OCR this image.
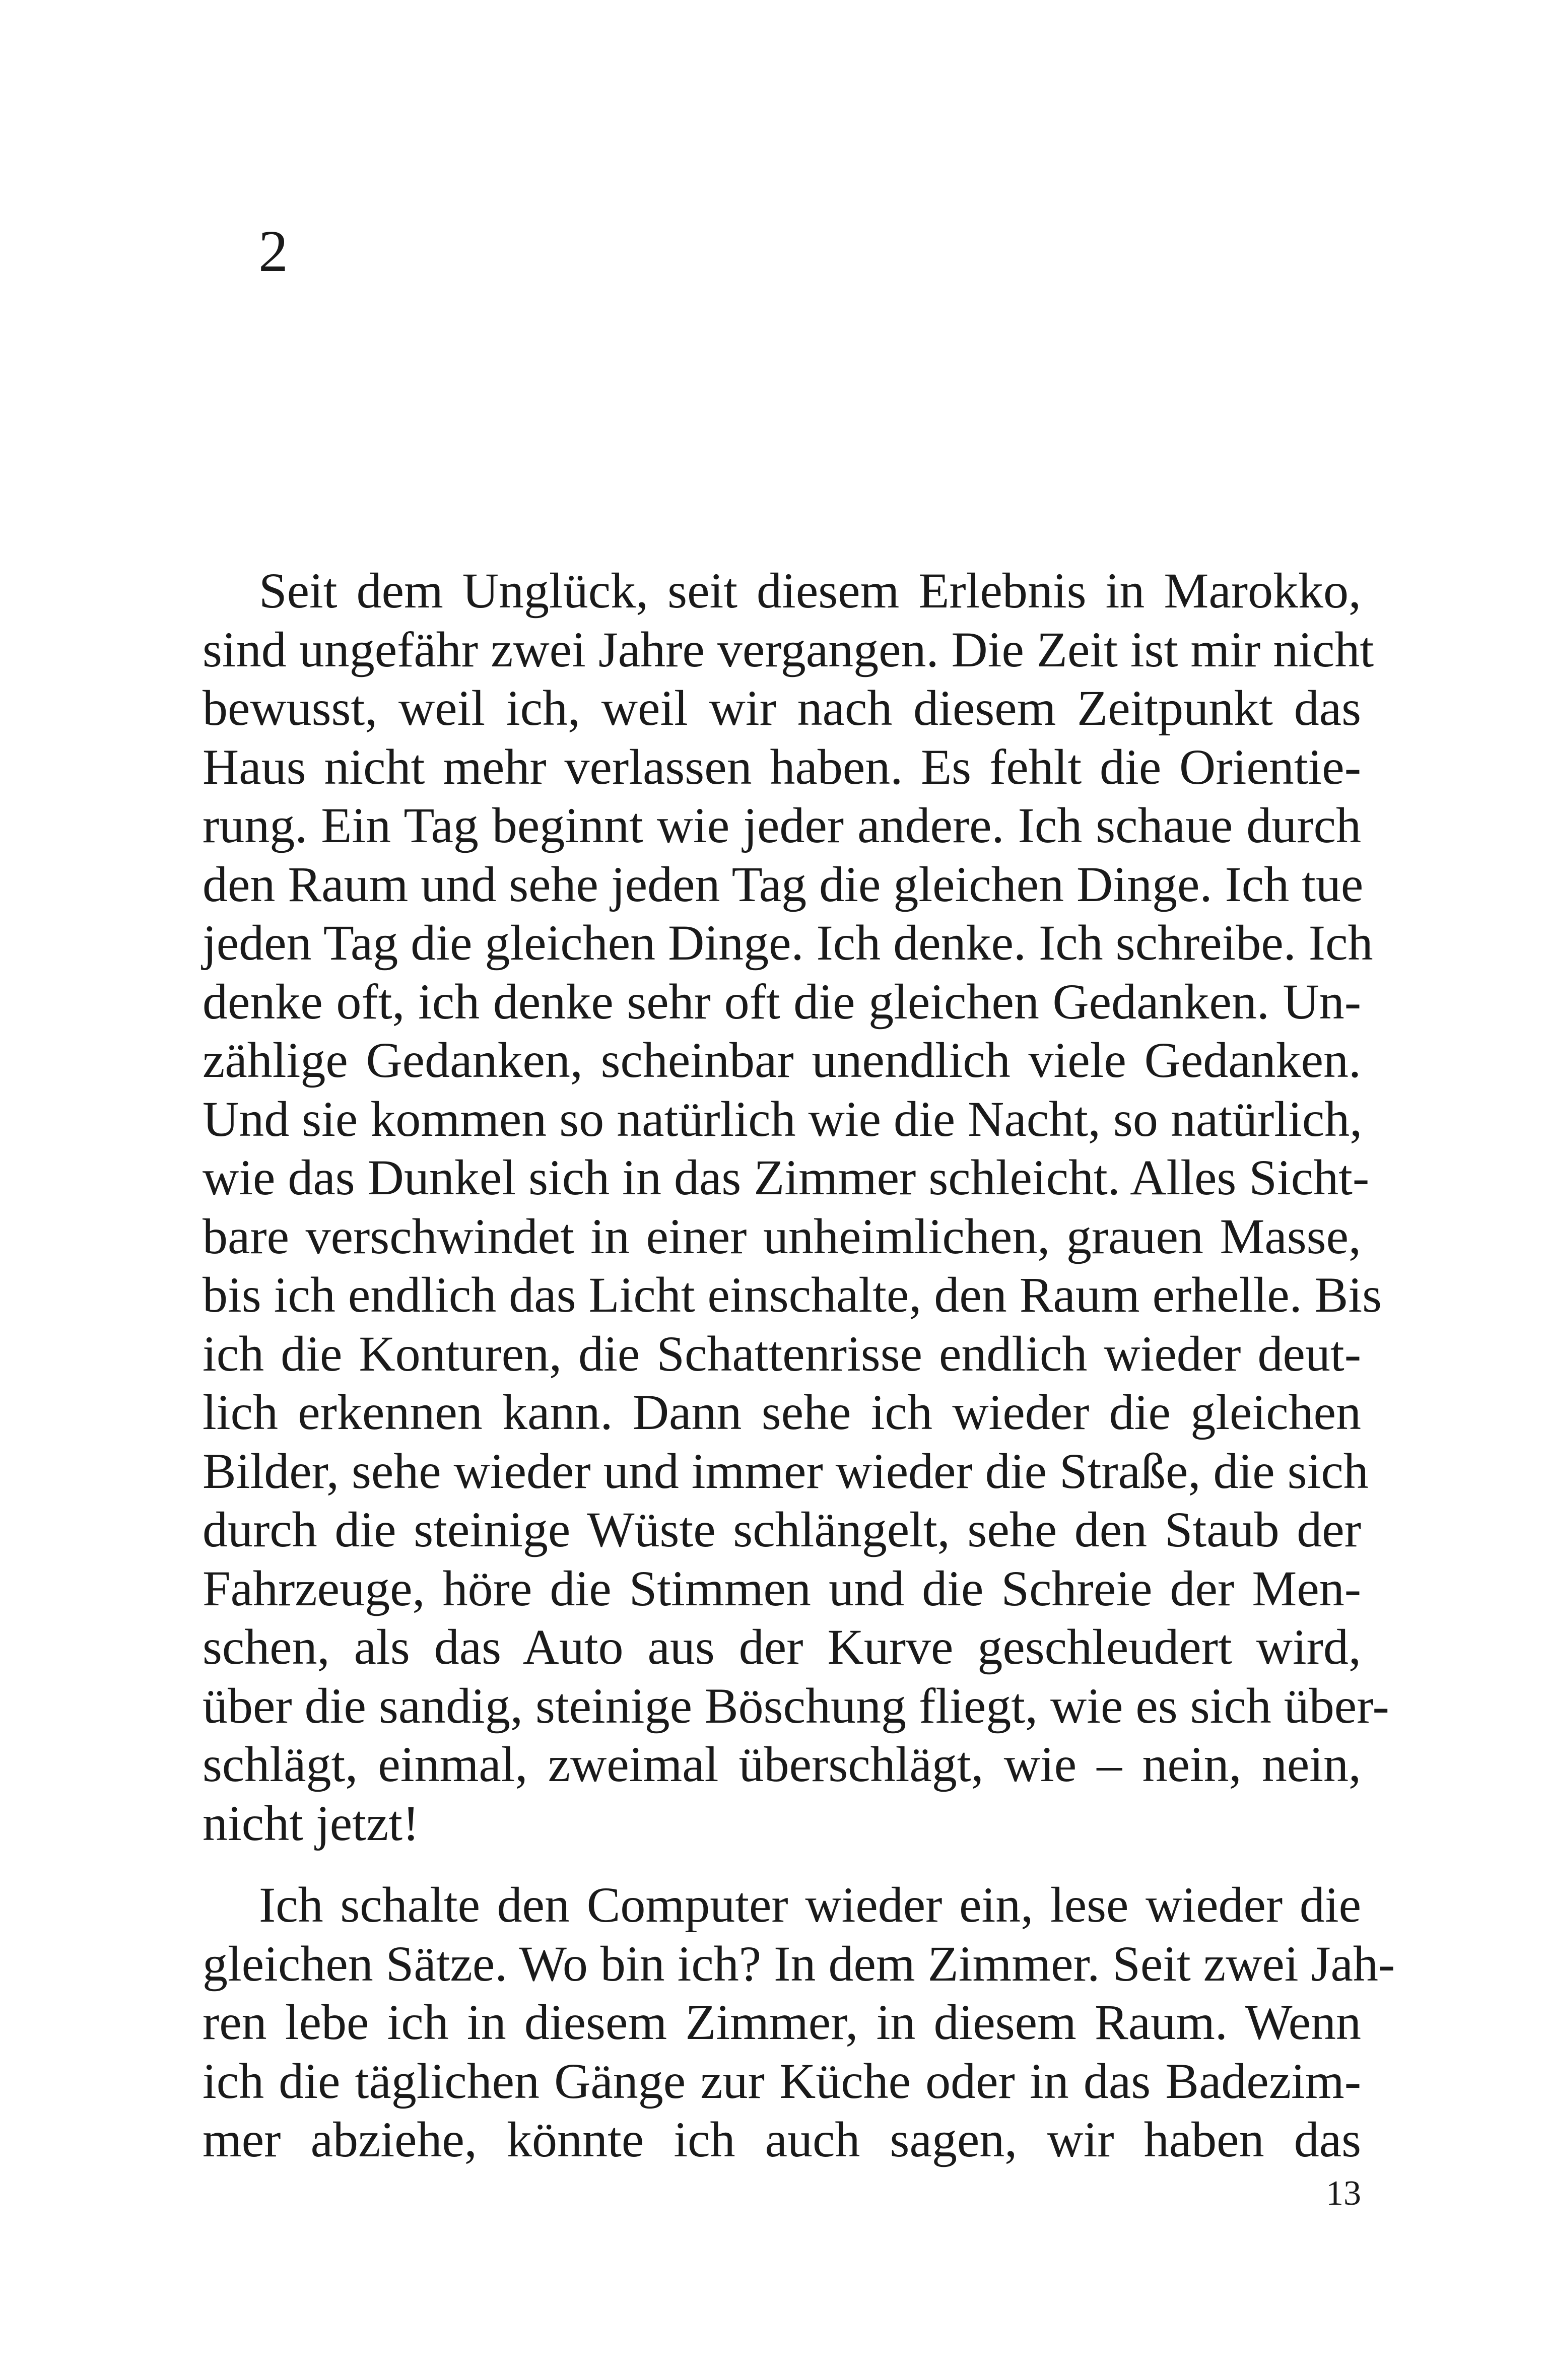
2
Seit dem Unglück, seit diesem Erlebnis in Marokko,
sind ungefähr zwei Jahre vergangen. Die Zeit ist mir nicht
bewusst, weil ich, weil wir nach diesem Zeitpunkt das
Haus nicht mehr verlassen haben. Es fehlt die Orientie-
rung. Ein Tag beginnt wie jeder andere. Ich schaue durch
den Raum und sehe jeden Tag die gleichen Dinge. Ich tue
jeden Tag die gleichen Dinge. Ich denke. Ich schreibe. Ich
denke oft, ich denke sehr oft die gleichen Gedanken. Un-
zählige Gedanken, scheinbar unendlich viele Gedanken.
Und sie kommen so natürlich wie die Nacht, so natürlich,
wie das Dunkel sich in das Zimmer schleicht. Alles Sicht-
bare verschwindet in einer unheimlichen, grauen Masse,
bis ich endlich das Licht einschalte, den Raum erhelle. Bis
ich die Konturen, die Schattenrisse endlich wieder deut-
lich erkennen kann. Dann sehe ich wieder die gleichen
Bilder, sehe wieder und immer wieder die Straße, die sich
durch die steinige Wüste schlängelt, sehe den Staub der
Fahrzeuge, höre die Stimmen und die Schreie der Men-
schen, als das Auto aus der Kurve geschleudert wird,
über die sandig, steinige Böschung fliegt, wie es sich über-
schlägt, einmal, zweimal überschlägt, wie – nein, nein,
nicht jetzt!
Ich schalte den Computer wieder ein, lese wieder die
gleichen Sätze. Wo bin ich? In dem Zimmer. Seit zwei Jah-
ren lebe ich in diesem Zimmer, in diesem Raum. Wenn
ich die täglichen Gänge zur Küche oder in das Badezim-
mer abziehe, könnte ich auch sagen, wir haben das
13
